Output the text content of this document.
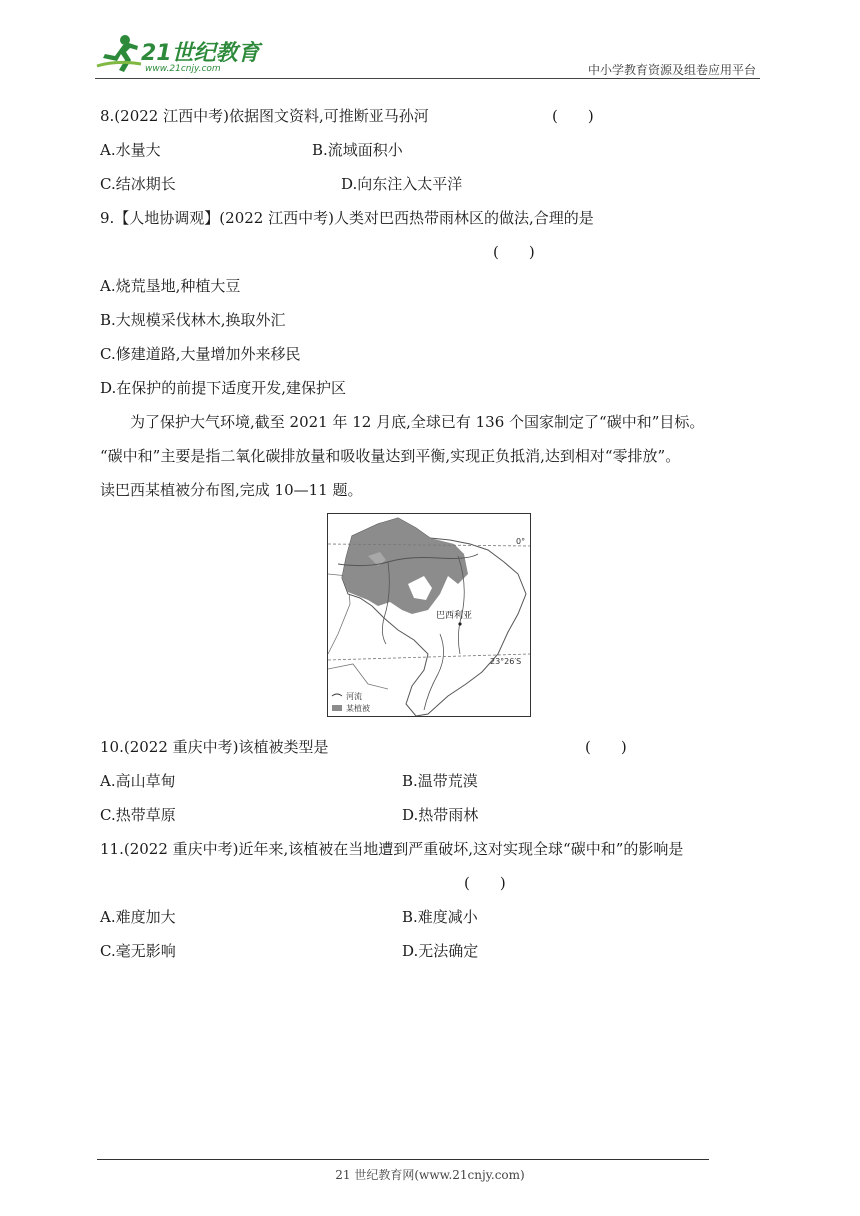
21世纪教育
www.21cnjy.com	中小学教育资源及组卷应用平台
8.(2022 江西中考)依据图文资料,可推断亚马孙河	(　　)
A.水量大	B.流域面积小
C.结冰期长	D.向东注入太平洋
9.【人地协调观】(2022 江西中考)人类对巴西热带雨林区的做法,合理的是
(　　)
A.烧荒垦地,种植大豆
B.大规模采伐林木,换取外汇
C.修建道路,大量增加外来移民
D.在保护的前提下适度开发,建保护区
为了保护大气环境,截至 2021 年 12 月底,全球已有 136 个国家制定了“碳中和”目标。
“碳中和”主要是指二氧化碳排放量和吸收量达到平衡,实现正负抵消,达到相对“零排放”。
读巴西某植被分布图,完成 10—11 题。
巴西利亚
0°
23°26′S
河流
某植被
10.(2022 重庆中考)该植被类型是	(　　)
A.高山草甸	B.温带荒漠
C.热带草原	D.热带雨林
11.(2022 重庆中考)近年来,该植被在当地遭到严重破坏,这对实现全球“碳中和”的影响是
(　　)
A.难度加大	B.难度减小
C.毫无影响	D.无法确定
21 世纪教育网(www.21cnjy.com)
